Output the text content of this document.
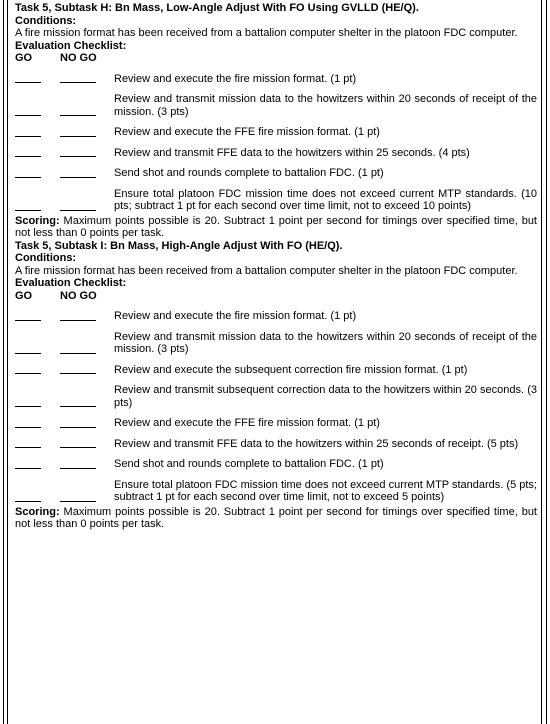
Task 5, Subtask H: Bn Mass, Low-Angle Adjust With FO Using GVLLD (HE/Q).

Conditions:

A fire mission format has been received from a battalion computer shelter in the platoon FDC computer.

Evaluation Checklist:

GO	NO GO
Review and execute the fire mission format. (1 pt)
Review and transmit mission data to the howitzers within 20 seconds of receipt of the mission. (3 pts)
Review and execute the FFE fire mission format. (1 pt)
Review and transmit FFE data to the howitzers within 25 seconds. (4 pts)
Send shot and rounds complete to battalion FDC. (1 pt)
Ensure total platoon FDC mission time does not exceed current MTP standards. (10 pts; subtract 1 pt for each second over time limit, not to exceed 10 points)

Scoring: Maximum points possible is 20. Subtract 1 point per second for timings over specified time, but not less than 0 points per task.

Task 5, Subtask I: Bn Mass, High-Angle Adjust With FO (HE/Q).

Conditions:

A fire mission format has been received from a battalion computer shelter in the platoon FDC computer.

Evaluation Checklist:

GO	NO GO
Review and execute the fire mission format. (1 pt)
Review and transmit mission data to the howitzers within 20 seconds of receipt of the mission. (3 pts)
Review and execute the subsequent correction fire mission format. (1 pt)
Review and transmit subsequent correction data to the howitzers within 20 seconds. (3 pts)
Review and execute the FFE fire mission format. (1 pt)
Review and transmit FFE data to the howitzers within 25 seconds of receipt. (5 pts)
Send shot and rounds complete to battalion FDC. (1 pt)
Ensure total platoon FDC mission time does not exceed current MTP standards. (5 pts; subtract 1 pt for each second over time limit, not to exceed 5 points)

Scoring: Maximum points possible is 20. Subtract 1 point per second for timings over specified time, but not less than 0 points per task.
